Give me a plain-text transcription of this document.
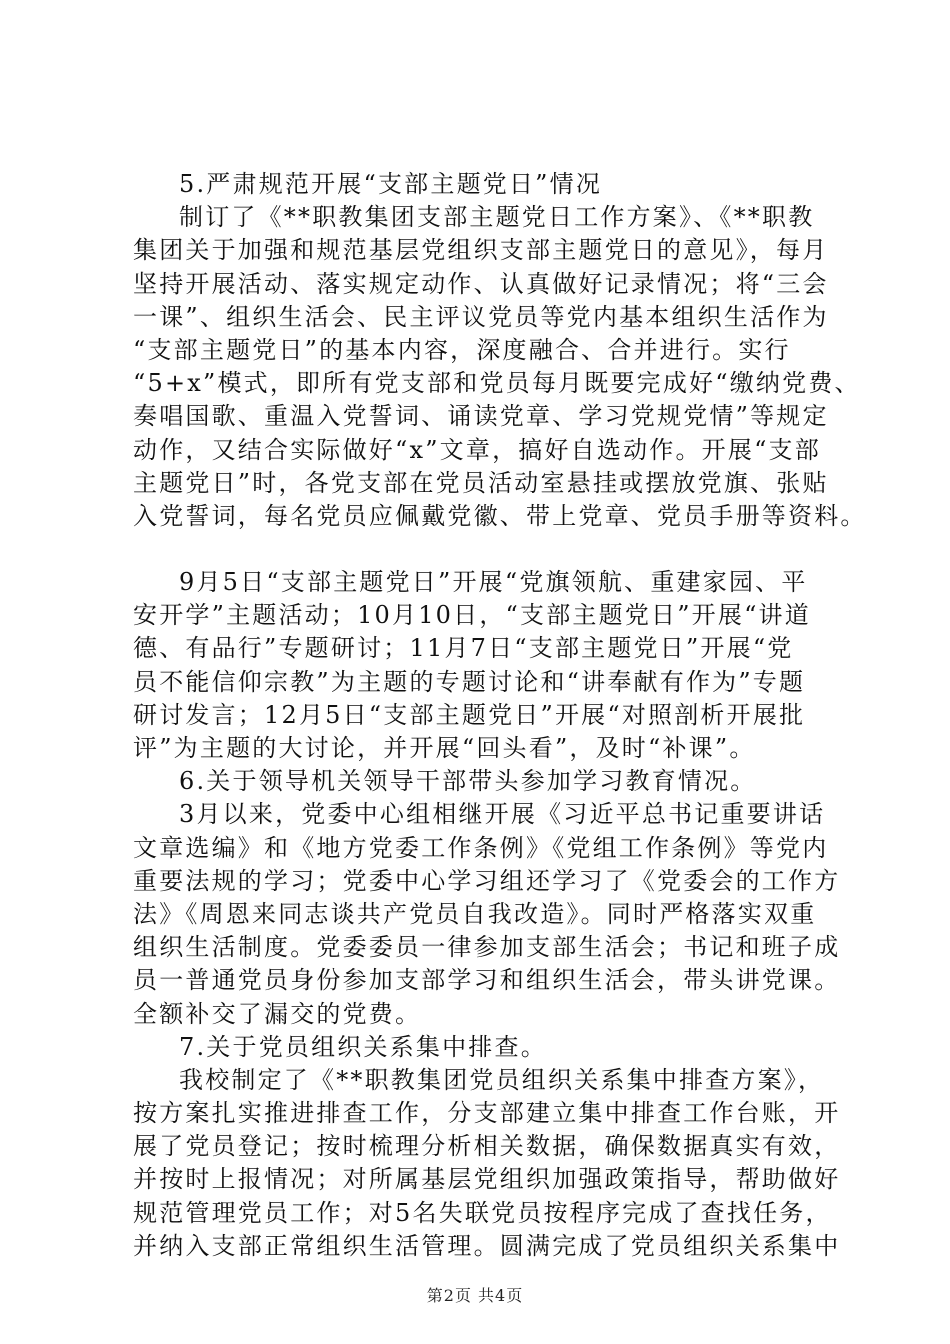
5.严肃规范开展“支部主题党日”情况
制订了《**职教集团支部主题党日工作方案》、《**职教
集团关于加强和规范基层党组织支部主题党日的意见》，每月
坚持开展活动、落实规定动作、认真做好记录情况；将“三会
一课”、组织生活会、民主评议党员等党内基本组织生活作为
“支部主题党日”的基本内容，深度融合、合并进行。实行
“5+x”模式，即所有党支部和党员每月既要完成好“缴纳党费、
奏唱国歌、重温入党誓词、诵读党章、学习党规党情”等规定
动作，又结合实际做好“x”文章，搞好自选动作。开展“支部
主题党日”时，各党支部在党员活动室悬挂或摆放党旗、张贴
入党誓词，每名党员应佩戴党徽、带上党章、党员手册等资料。
9月5日“支部主题党日”开展“党旗领航、重建家园、平
安开学”主题活动；10月10日，“支部主题党日”开展“讲道
德、有品行”专题研讨；11月7日“支部主题党日”开展“党
员不能信仰宗教”为主题的专题讨论和“讲奉献有作为”专题
研讨发言；12月5日“支部主题党日”开展“对照剖析开展批
评”为主题的大讨论，并开展“回头看”，及时“补课”。
6.关于领导机关领导干部带头参加学习教育情况。
3月以来，党委中心组相继开展《习近平总书记重要讲话
文章选编》和《地方党委工作条例》《党组工作条例》等党内
重要法规的学习；党委中心学习组还学习了《党委会的工作方
法》《周恩来同志谈共产党员自我改造》。同时严格落实双重
组织生活制度。党委委员一律参加支部生活会；书记和班子成
员一普通党员身份参加支部学习和组织生活会，带头讲党课。
全额补交了漏交的党费。
7.关于党员组织关系集中排查。
我校制定了《**职教集团党员组织关系集中排查方案》，
按方案扎实推进排查工作，分支部建立集中排查工作台账，开
展了党员登记；按时梳理分析相关数据，确保数据真实有效，
并按时上报情况；对所属基层党组织加强政策指导，帮助做好
规范管理党员工作；对5名失联党员按程序完成了查找任务，
并纳入支部正常组织生活管理。圆满完成了党员组织关系集中
第2页 共4页
